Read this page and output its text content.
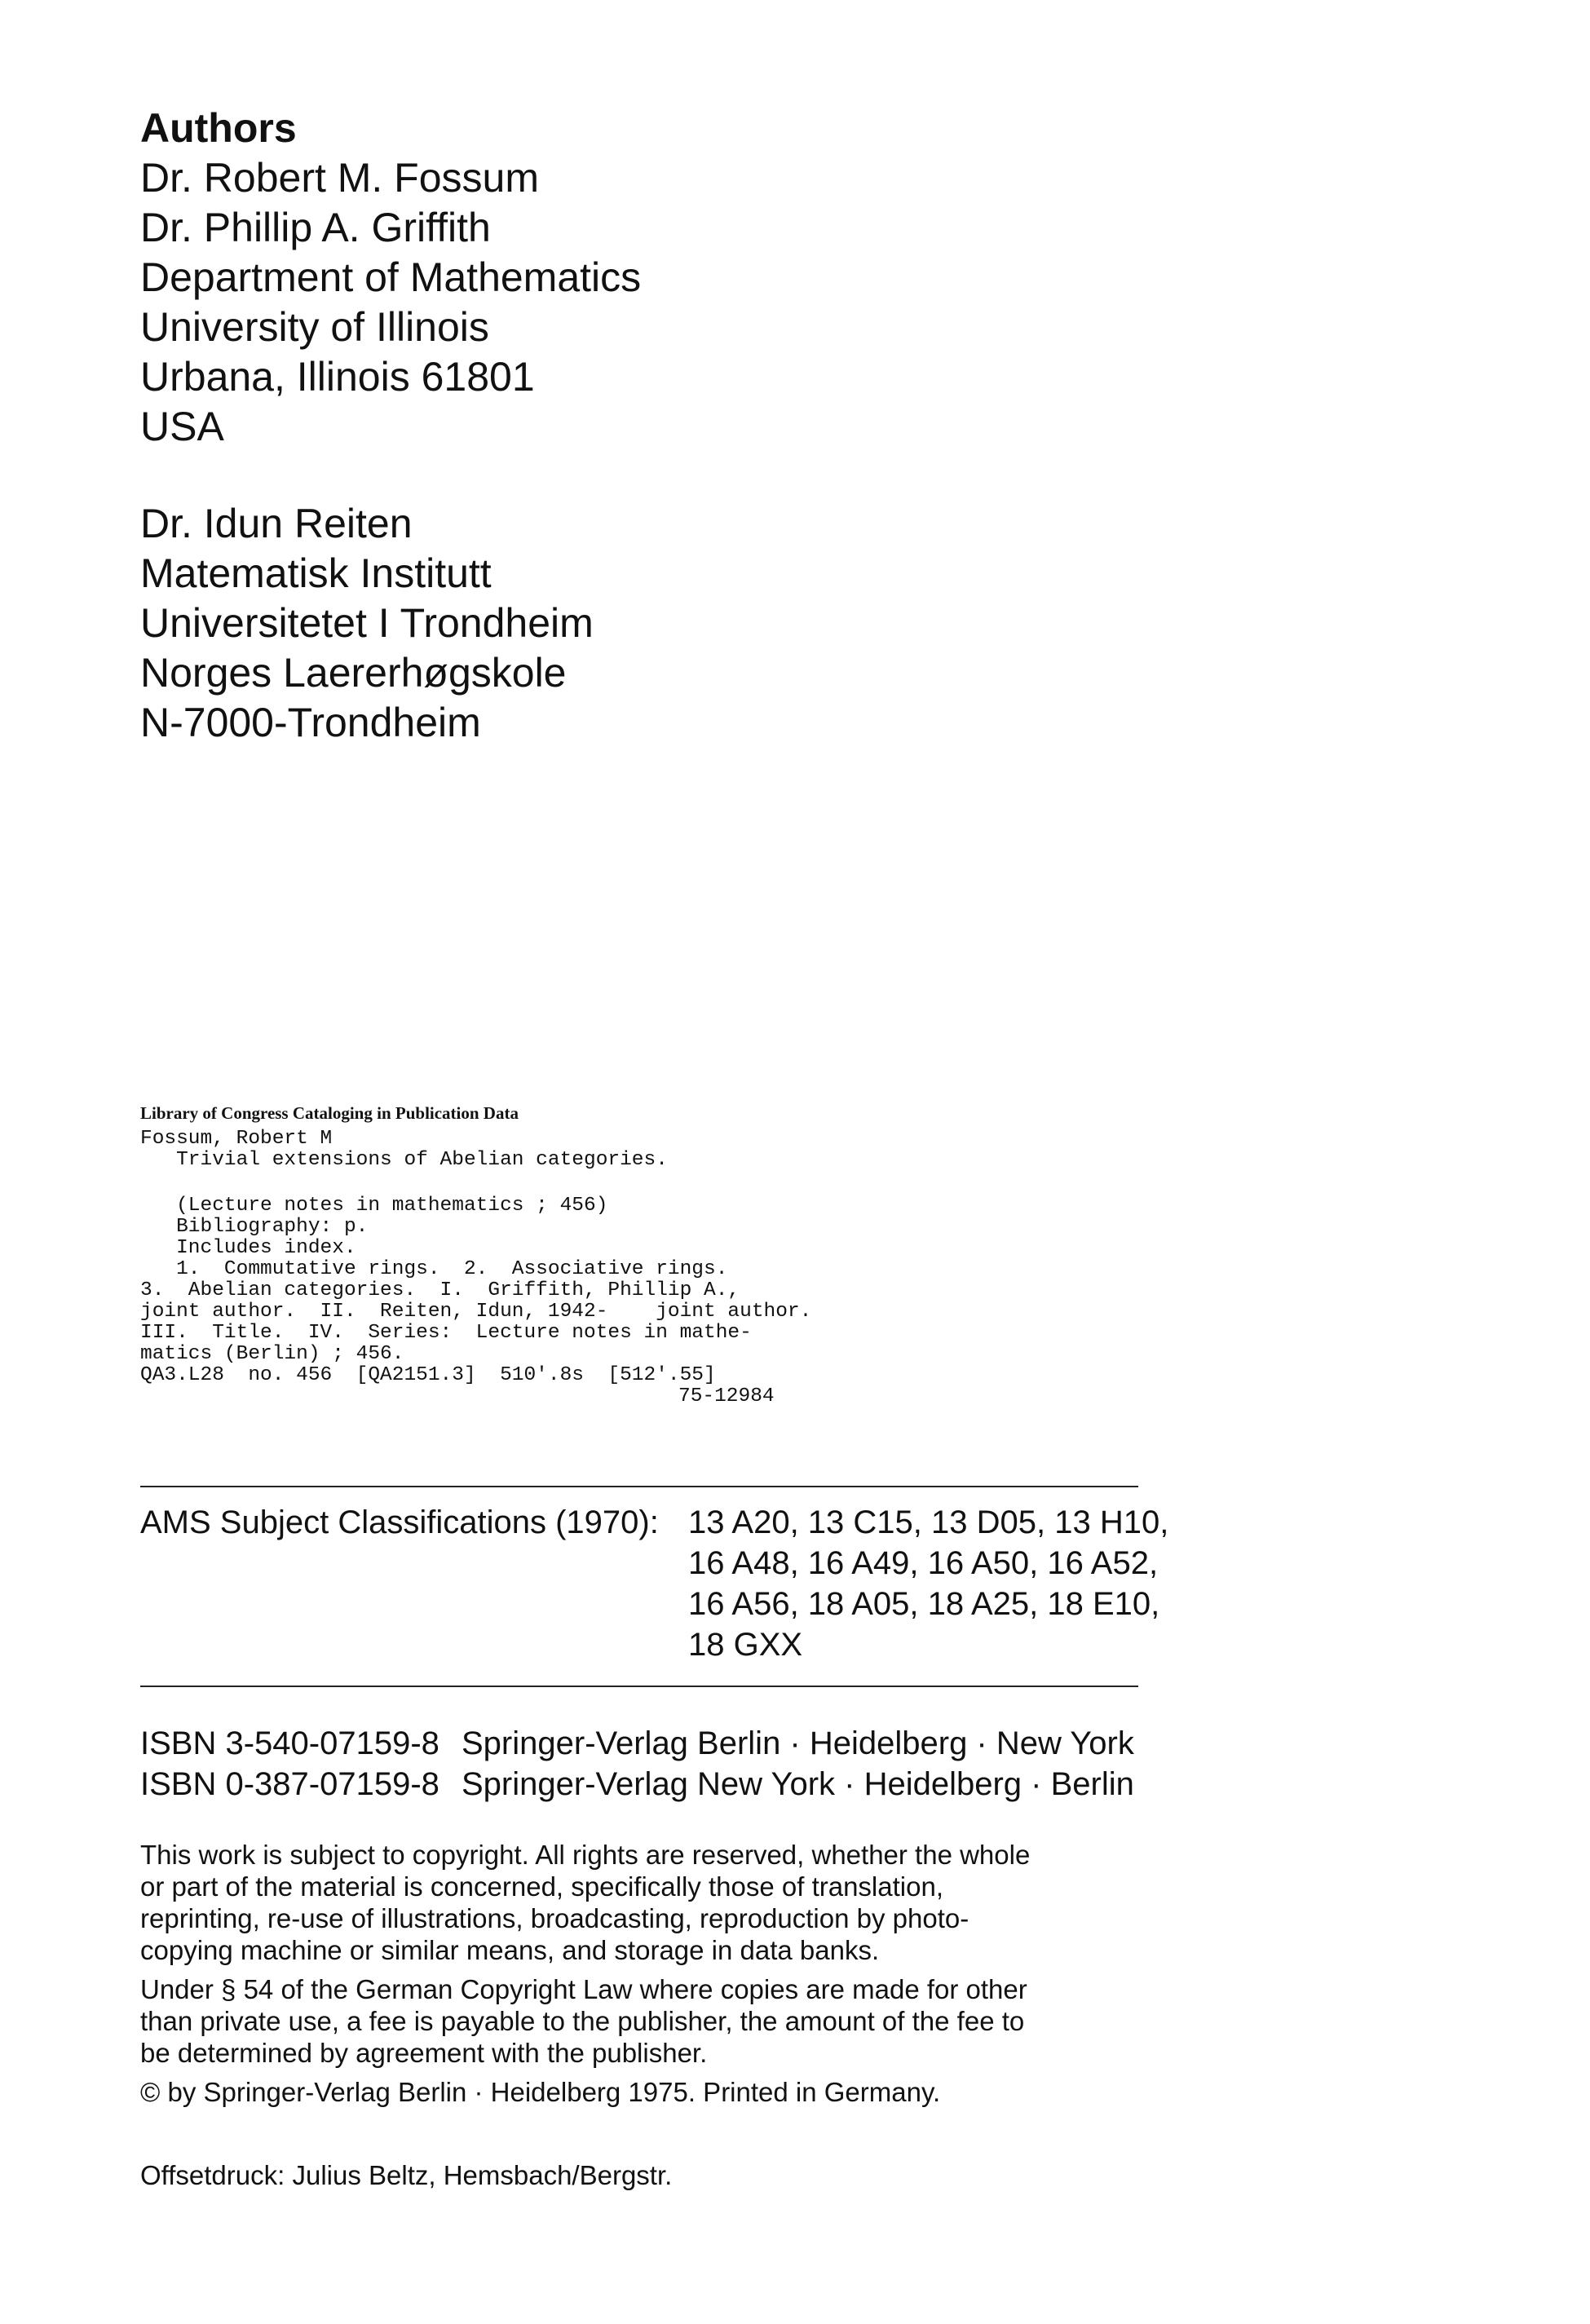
Authors
Dr. Robert M. Fossum
Dr. Phillip A. Griffith
Department of Mathematics
University of Illinois
Urbana, Illinois 61801
USA
Dr. Idun Reiten
Matematisk Institutt
Universitetet I Trondheim
Norges Laererhøgskole
N-7000-Trondheim
Library of Congress Cataloging in Publication Data
Fossum, Robert M
Trivial extensions of Abelian categories.
(Lecture notes in mathematics ; 456)
Bibliography: p.
Includes index.
1.  Commutative rings.  2.  Associative rings.
3.  Abelian categories.  I.  Griffith, Phillip A.,
joint author.  II.  Reiten, Idun, 1942-    joint author.
III.  Title.  IV.  Series:  Lecture notes in mathe-
matics (Berlin) ; 456.
QA3.L28  no. 456  [QA2151.3]  510'.8s  [512'.55]
75-12984
AMS Subject Classifications (1970): 13 A20, 13 C15, 13 D05, 13 H10,
16 A48, 16 A49, 16 A50, 16 A52,
16 A56, 18 A05, 18 A25, 18 E10,
18 GXX
ISBN 3-540-07159-8 Springer-Verlag Berlin · Heidelberg · New York
ISBN 0-387-07159-8 Springer-Verlag New York · Heidelberg · Berlin

This work is subject to copyright. All rights are reserved, whether the whole
or part of the material is concerned, specifically those of translation,
reprinting, re-use of illustrations, broadcasting, reproduction by photo-
copying machine or similar means, and storage in data banks.

Under § 54 of the German Copyright Law where copies are made for other
than private use, a fee is payable to the publisher, the amount of the fee to
be determined by agreement with the publisher.

© by Springer-Verlag Berlin · Heidelberg 1975. Printed in Germany.

Offsetdruck: Julius Beltz, Hemsbach/Bergstr.
